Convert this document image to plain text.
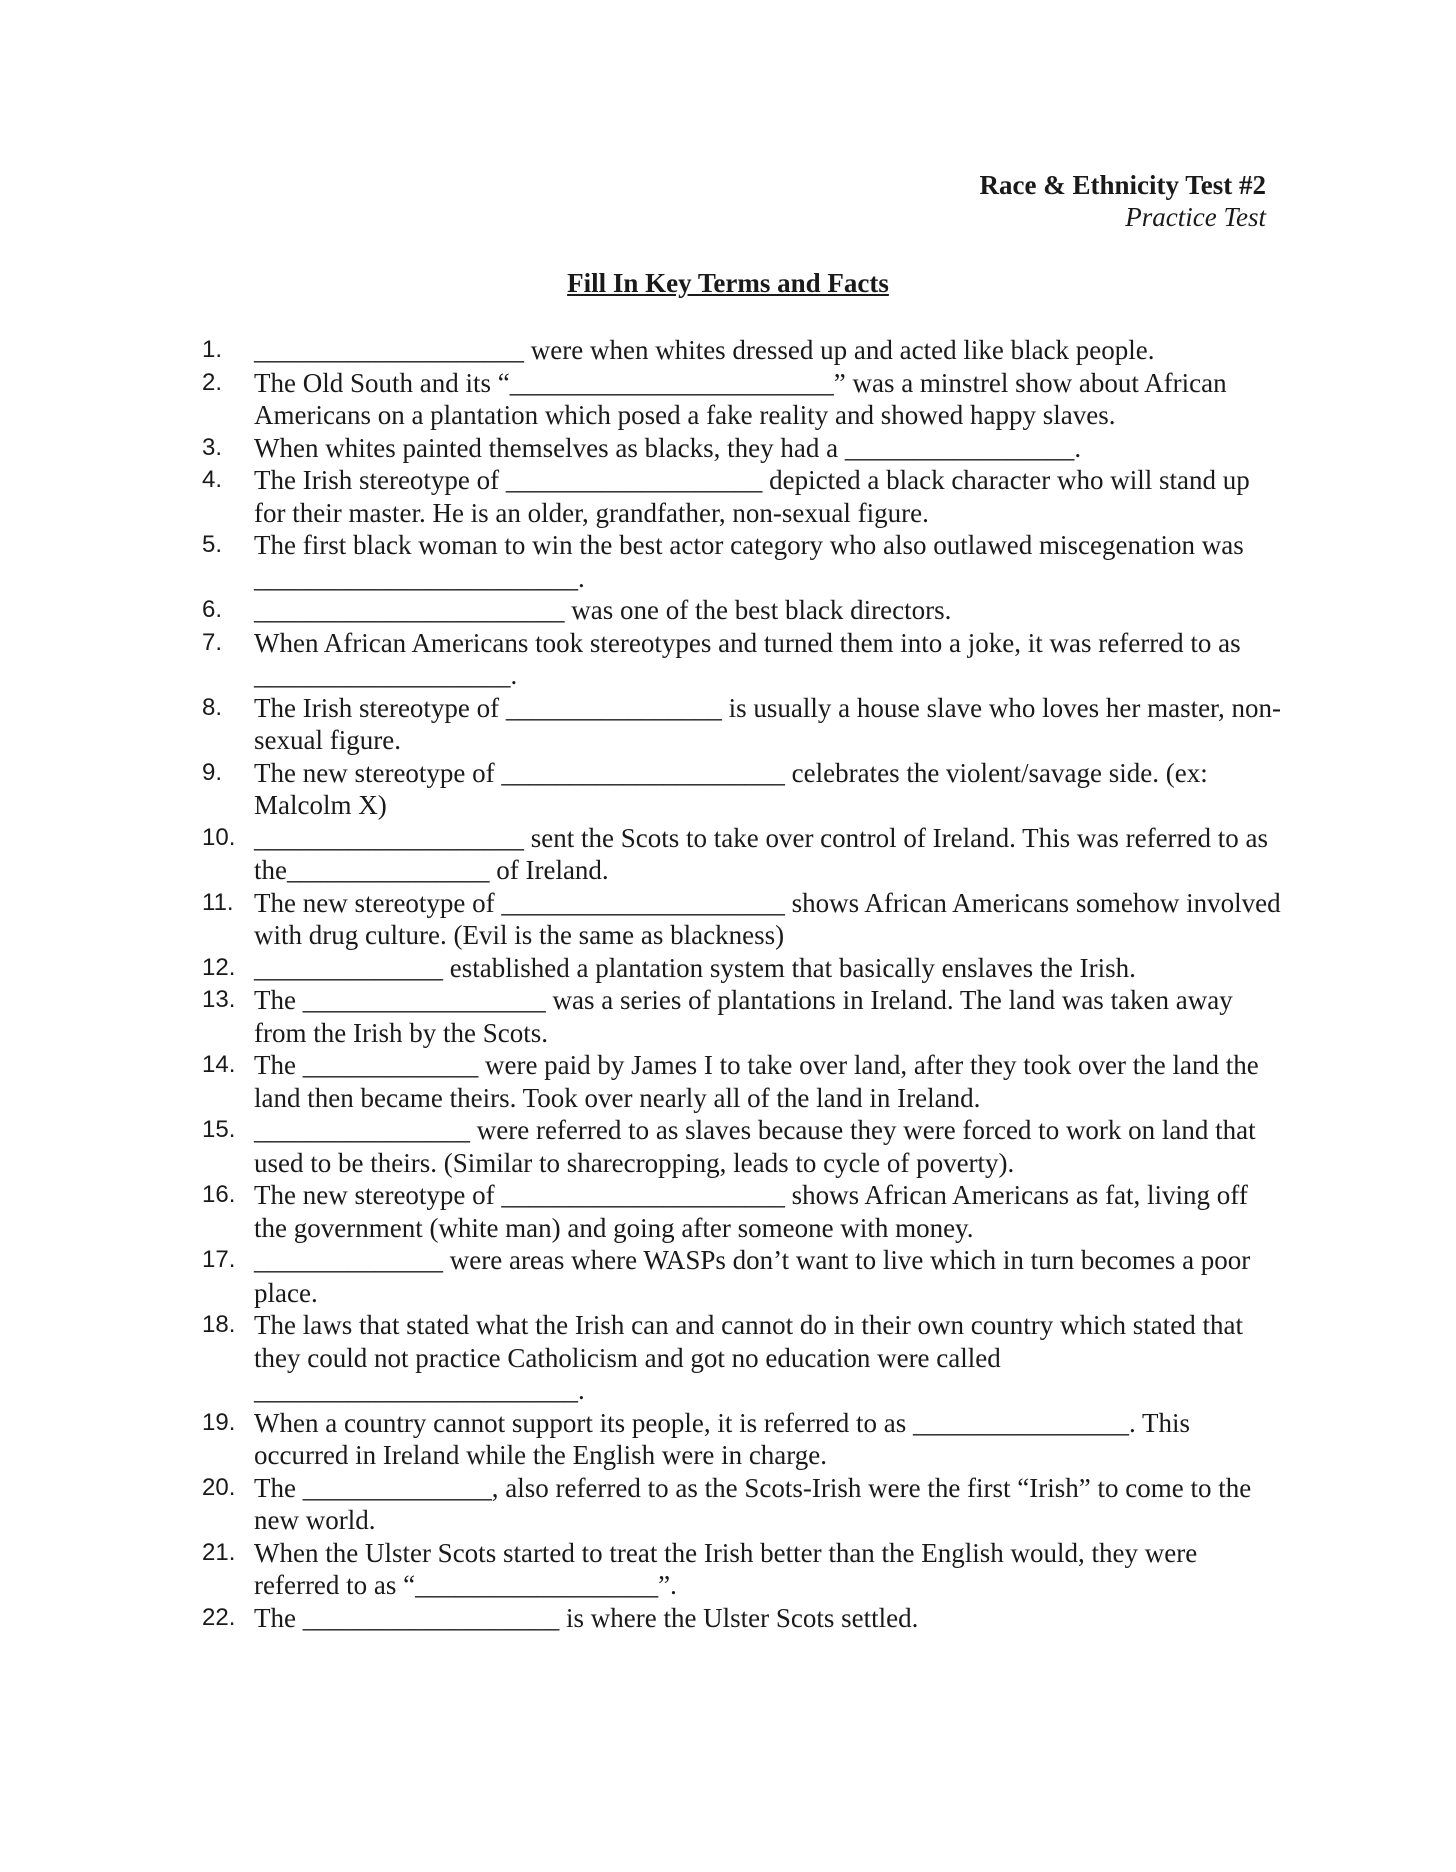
Race & Ethnicity Test #2
Practice Test
Fill In Key Terms and Facts
1.	____________________ were when whites dressed up and acted like black people.
2.	The Old South and its “________________________” was a minstrel show about African Americans on a plantation which posed a fake reality and showed happy slaves.
3.	When whites painted themselves as blacks, they had a _________________.
4.	The Irish stereotype of ___________________ depicted a black character who will stand up for their master. He is an older, grandfather, non-sexual figure.
5.	The first black woman to win the best actor category who also outlawed miscegenation was ________________________.
6.	_______________________ was one of the best black directors.
7.	When African Americans took stereotypes and turned them into a joke, it was referred to as ___________________.
8.	The Irish stereotype of ________________ is usually a house slave who loves her master, non-sexual figure.
9.	The new stereotype of _____________________ celebrates the violent/savage side. (ex: Malcolm X)
10. ____________________ sent the Scots to take over control of Ireland. This was referred to as the_______________ of Ireland.
11. The new stereotype of _____________________ shows African Americans somehow involved with drug culture. (Evil is the same as blackness)
12. ______________ established a plantation system that basically enslaves the Irish.
13. The __________________ was a series of plantations in Ireland. The land was taken away from the Irish by the Scots.
14. The _____________ were paid by James I to take over land, after they took over the land the land then became theirs. Took over nearly all of the land in Ireland.
15. ________________ were referred to as slaves because they were forced to work on land that used to be theirs. (Similar to sharecropping, leads to cycle of poverty).
16. The new stereotype of _____________________ shows African Americans as fat, living off the government (white man) and going after someone with money.
17. ______________ were areas where WASPs don’t want to live which in turn becomes a poor place.
18. The laws that stated what the Irish can and cannot do in their own country which stated that they could not practice Catholicism and got no education were called ________________________.
19. When a country cannot support its people, it is referred to as ________________. This occurred in Ireland while the English were in charge.
20. The ______________, also referred to as the Scots-Irish were the first “Irish” to come to the new world.
21. When the Ulster Scots started to treat the Irish better than the English would, they were referred to as “__________________”.
22. The ___________________ is where the Ulster Scots settled.
